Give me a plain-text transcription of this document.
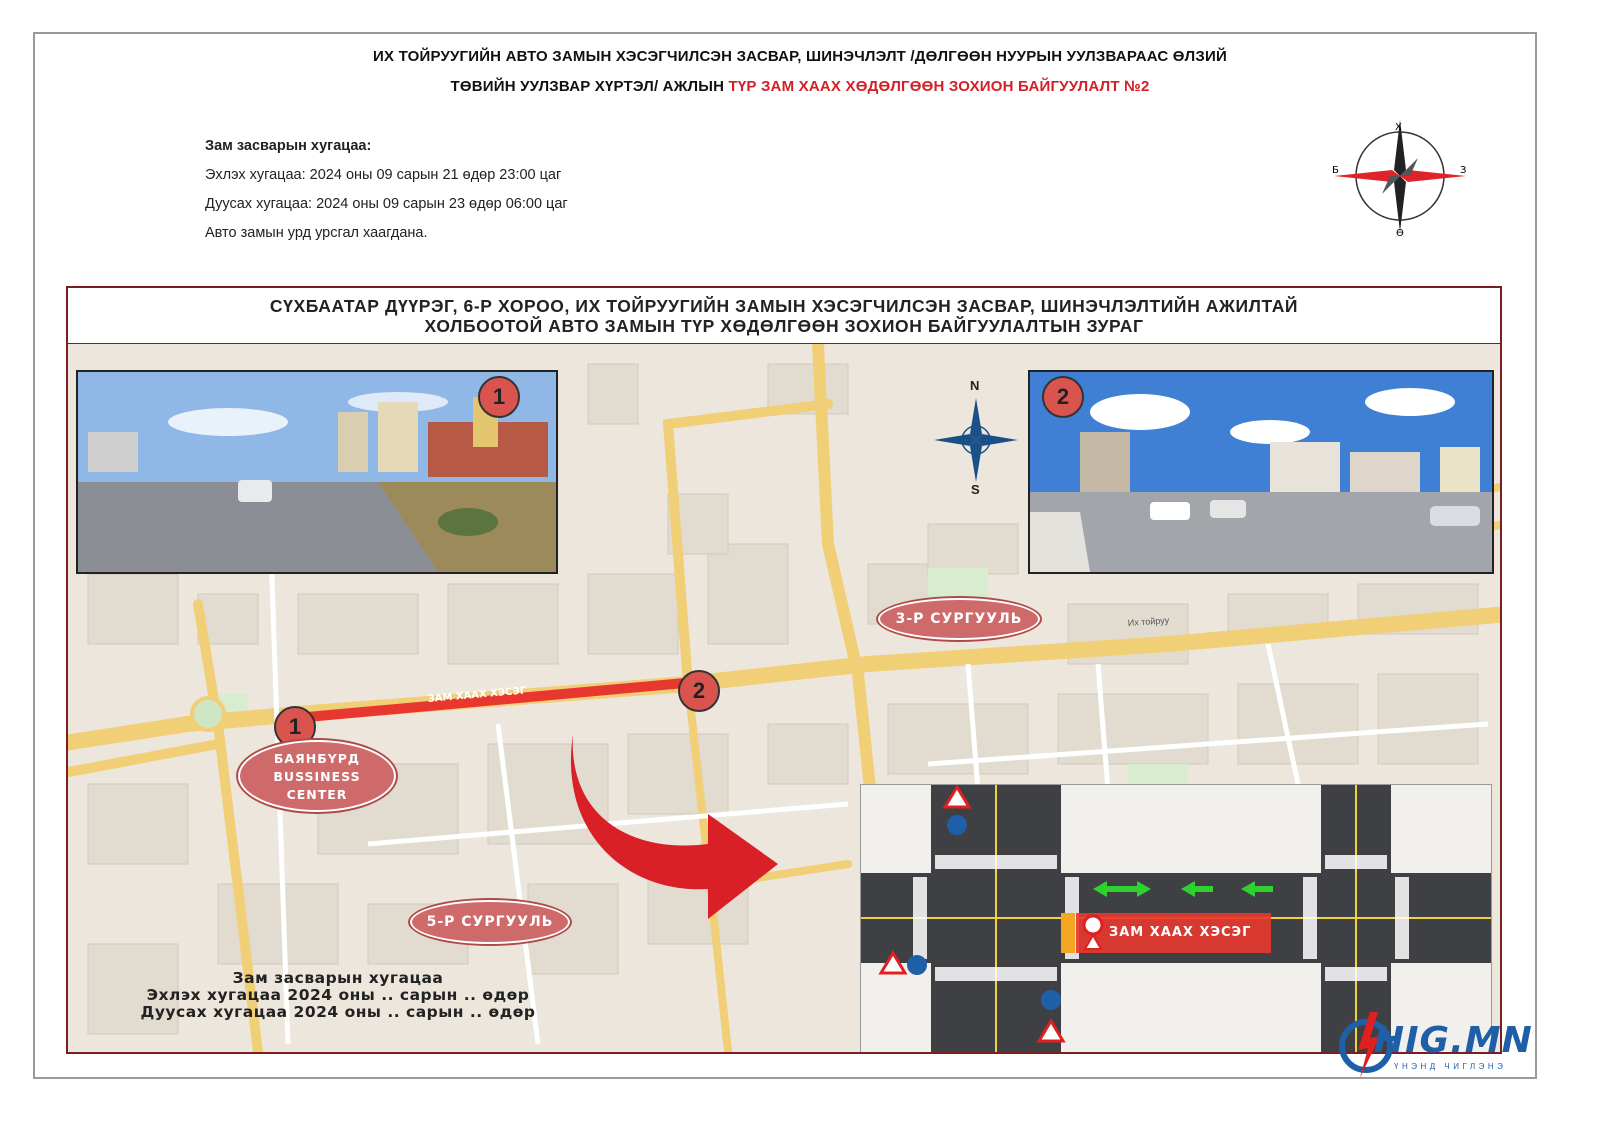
ИХ ТОЙРУУГИЙН АВТО ЗАМЫН ХЭСЭГЧИЛСЭН ЗАСВАР, ШИНЭЧЛЭЛТ /ДӨЛГӨӨН НУУРЫН УУЛЗВАРААС ӨЛЗИЙ
ТӨВИЙН УУЛЗВАР ХҮРТЭЛ/ АЖЛЫН ТҮР ЗАМ ХААХ ХӨДӨЛГӨӨН ЗОХИОН БАЙГУУЛАЛТ №2
Зам засварын хугацаа:
Эхлэх хугацаа: 2024 оны 09 сарын 21 өдөр 23:00 цаг
Дуусах хугацаа: 2024 оны 09 сарын 23 өдөр 06:00 цаг
Авто замын урд урсгал хаагдана.
Х
Ө
Б	З
СҮХБААТАР ДҮҮРЭГ, 6-Р ХОРОО, ИХ ТОЙРУУГИЙН ЗАМЫН ХЭСЭГЧИЛСЭН ЗАСВАР, ШИНЭЧЛЭЛТИЙН АЖИЛТАЙ
ХОЛБООТОЙ АВТО ЗАМЫН ТҮР ХӨДӨЛГӨӨН ЗОХИОН БАЙГУУЛАЛТЫН ЗУРАГ
ЗАМ ХААХ ХЭСЭГ
Их тойруу
N
S
1	2
1
2
БАЯНБҮРД
BUSSINESS
CENTER
3-Р СУРГУУЛЬ
5-Р СУРГУУЛЬ
Зам засварын хугацаа
Эхлэх хугацаа 2024 оны .. сарын .. өдөр
Дуусах хугацаа 2024 оны .. сарын .. өдөр
ЗАМ ХААХ ХЭСЭГ
HIG.MN
ҮНЭНД ЧИГЛЭНЭ
